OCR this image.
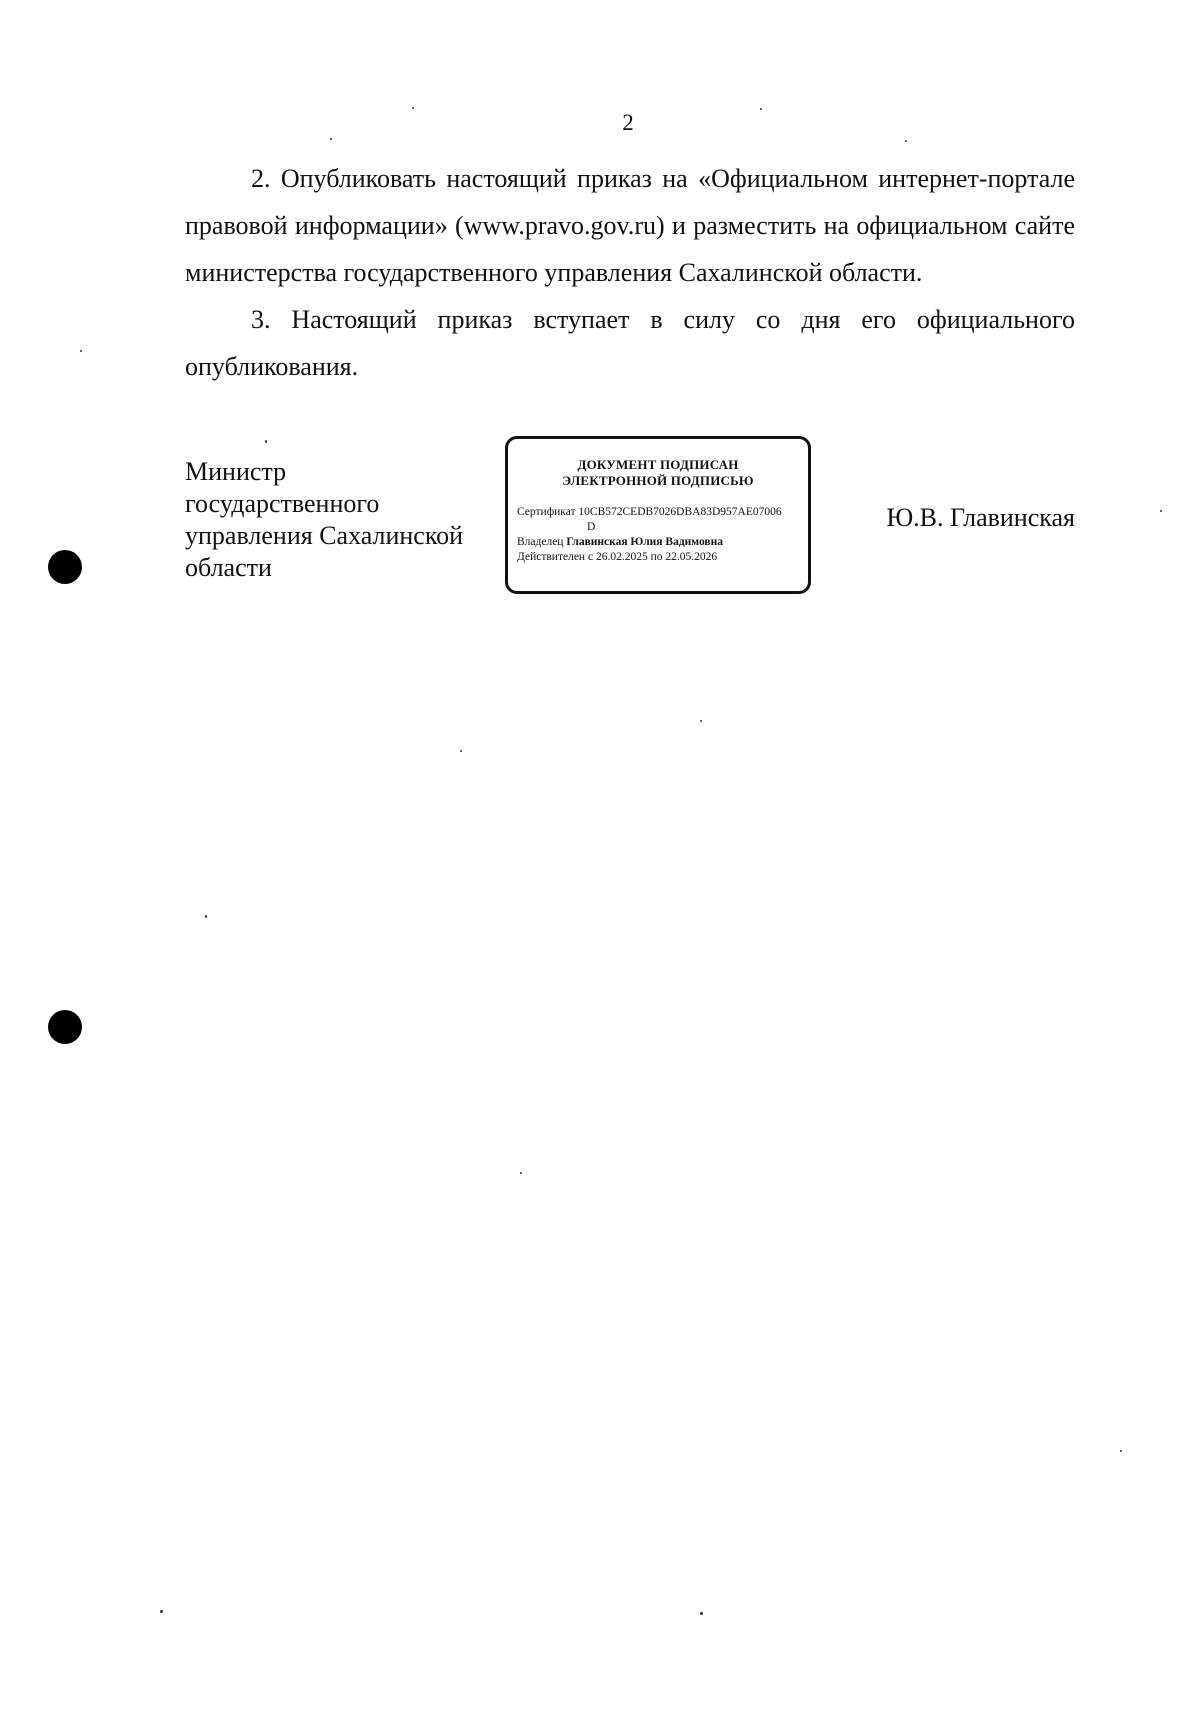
2

2. Опубликовать настоящий приказ на «Официальном интернет-портале правовой информации» (www.pravo.gov.ru) и разместить на официальном сайте министерства государственного управления Сахалинской области.

3. Настоящий приказ вступает в силу со дня его официального опубликования.

Министр
государственного
управления Сахалинской
области
ДОКУМЕНТ ПОДПИСАН
ЭЛЕКТРОННОЙ ПОДПИСЬЮ
Сертификат 10CB572CEDB7026DBA83D957AE07006
D
Владелец Главинская Юлия Вадимовна
Действителен с 26.02.2025 по 22.05.2026
Ю.В. Главинская
